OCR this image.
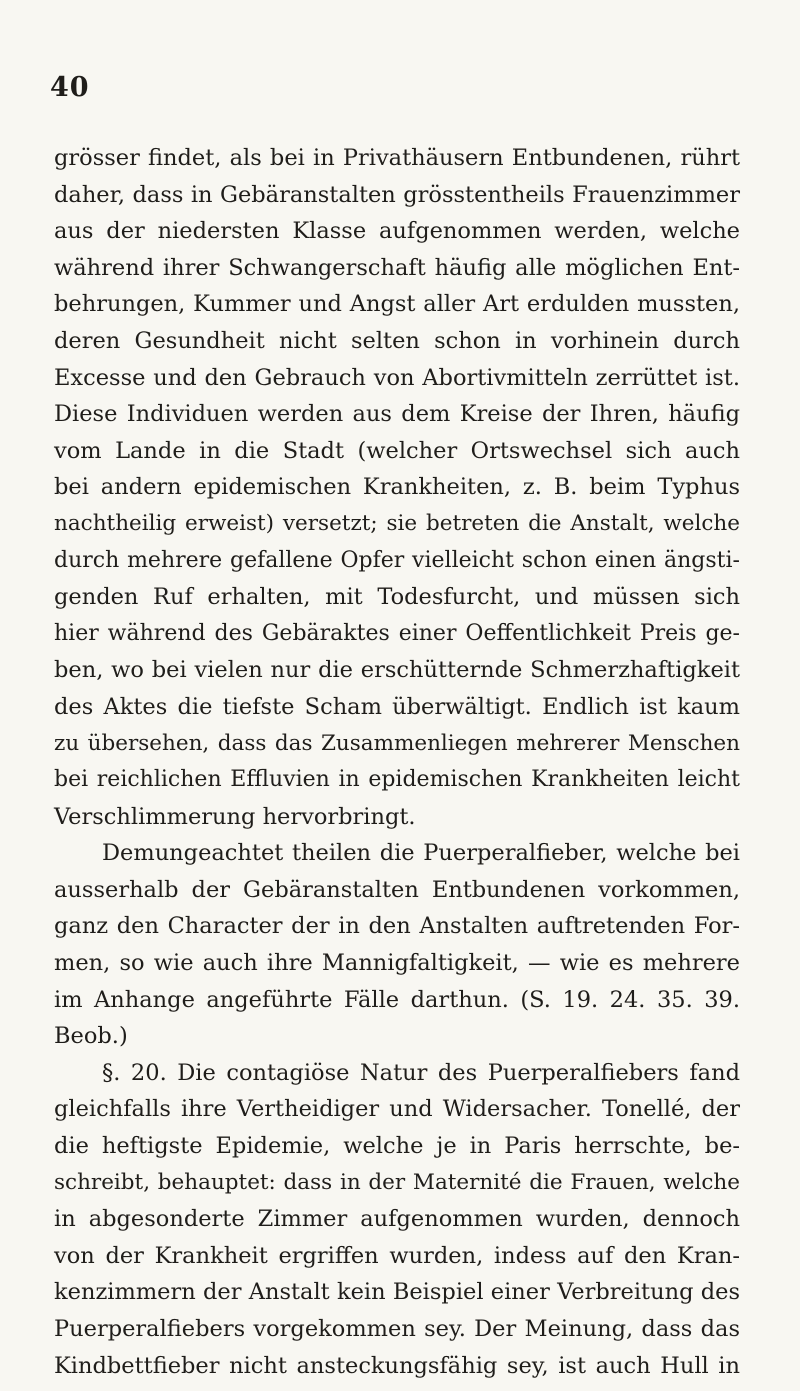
40
grösser findet, als bei in Privathäusern Entbundenen, rührt
daher, dass in Gebäranstalten grösstentheils Frauenzimmer
aus der niedersten Klasse aufgenommen werden, welche
während ihrer Schwangerschaft häufig alle möglichen Ent-
behrungen, Kummer und Angst aller Art erdulden mussten,
deren Gesundheit nicht selten schon in vorhinein durch
Excesse und den Gebrauch von Abortivmitteln zerrüttet ist.
Diese Individuen werden aus dem Kreise der Ihren, häufig
vom Lande in die Stadt (welcher Ortswechsel sich auch
bei andern epidemischen Krankheiten, z. B. beim Typhus
nachtheilig erweist) versetzt; sie betreten die Anstalt, welche
durch mehrere gefallene Opfer vielleicht schon einen ängsti-
genden Ruf erhalten, mit Todesfurcht, und müssen sich
hier während des Gebäraktes einer Oeffentlichkeit Preis ge-
ben, wo bei vielen nur die erschütternde Schmerzhaftigkeit
des Aktes die tiefste Scham überwältigt. Endlich ist kaum
zu übersehen, dass das Zusammenliegen mehrerer Menschen
bei reichlichen Effluvien in epidemischen Krankheiten leicht
Verschlimmerung hervorbringt.
Demungeachtet theilen die Puerperalfieber, welche bei
ausserhalb der Gebäranstalten Entbundenen vorkommen,
ganz den Character der in den Anstalten auftretenden For-
men, so wie auch ihre Mannigfaltigkeit, — wie es mehrere
im Anhange angeführte Fälle darthun. (S. 19. 24. 35. 39.
Beob.)
§. 20. Die contagiöse Natur des Puerperalfiebers fand
gleichfalls ihre Vertheidiger und Widersacher. Tonellé, der
die heftigste Epidemie, welche je in Paris herrschte, be-
schreibt, behauptet: dass in der Maternité die Frauen, welche
in abgesonderte Zimmer aufgenommen wurden, dennoch
von der Krankheit ergriffen wurden, indess auf den Kran-
kenzimmern der Anstalt kein Beispiel einer Verbreitung des
Puerperalfiebers vorgekommen sey. Der Meinung, dass das
Kindbettfieber nicht ansteckungsfähig sey, ist auch Hull in
